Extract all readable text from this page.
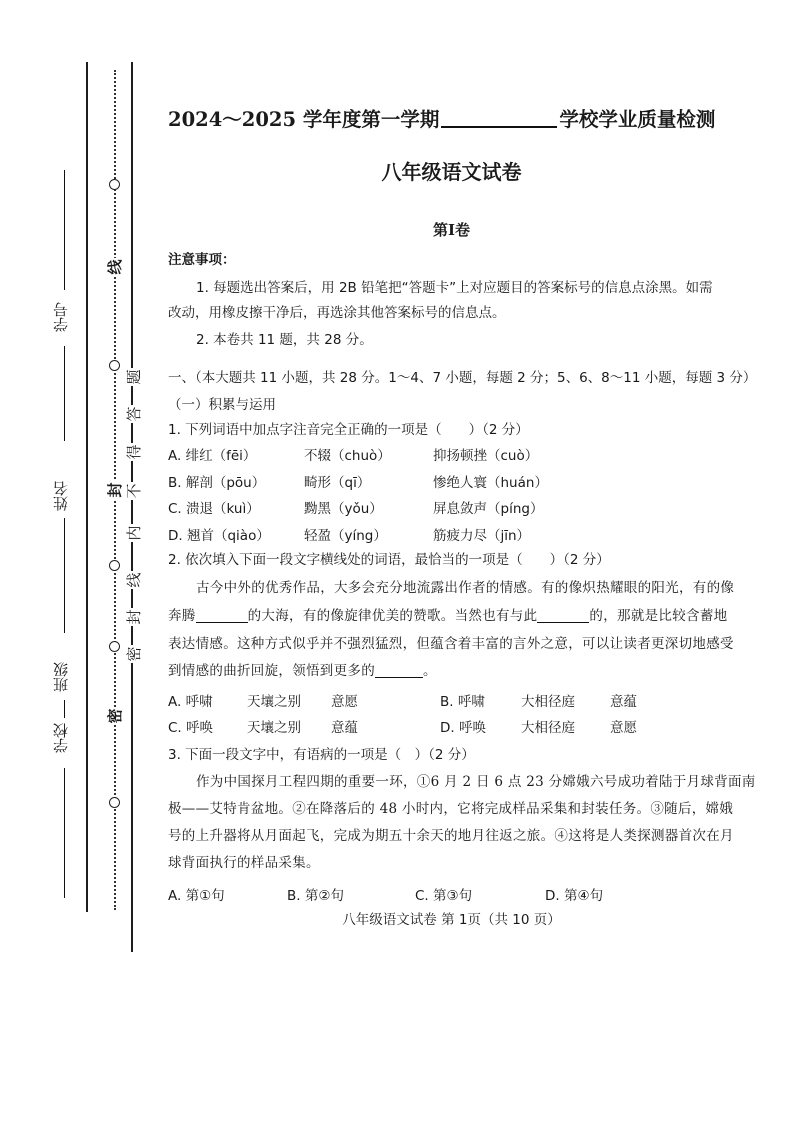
线
封
密
题
答
得
不
内
线
封
密
学号
姓名
班级
学校
2024～2025 学年度第一学期	学校学业质量检测
八年级语文试卷
第Ⅰ卷
注意事项：
1. 每题选出答案后，用 2B 铅笔把“答题卡”上对应题目的答案标号的信息点涂黑。如需
改动，用橡皮擦干净后，再选涂其他答案标号的信息点。
2. 本卷共 11 题，共 28 分。
一、（本大题共 11 小题，共 28 分。1～4、7 小题，每题 2 分；5、6、8～11 小题，每题 3 分）
（一）积累与运用
1. 下列词语中加点字注音完全正确的一项是（　　）（2 分）
A. 绯红（fēi）	不辍（chuò）	抑扬顿挫（cuò）
B. 解剖（pōu）	畸形（qī）	惨绝人寰（huán）
C. 溃退（kuì）	黝黑（yǒu）	屏息敛声（píng）
D. 翘首（qiào）	轻盈（yíng）	筋疲力尽（jīn）
2. 依次填入下面一段文字横线处的词语，最恰当的一项是（　　）（2 分）
古今中外的优秀作品，大多会充分地流露出作者的情感。有的像炽热耀眼的阳光，有的像
奔腾	的大海，有的像旋律优美的赞歌。当然也有与此	的，那就是比较含蓄地
表达情感。这种方式似乎并不强烈猛烈，但蕴含着丰富的言外之意，可以让读者更深切地感受
到情感的曲折回旋，领悟到更多的	。
A. 呼啸	天壤之别 意愿	B. 呼啸	大相径庭	意蕴
C. 呼唤	天壤之别 意蕴	D. 呼唤	大相径庭	意愿
3. 下面一段文字中，有语病的一项是（　）（2 分）
作为中国探月工程四期的重要一环，①6 月 2 日 6 点 23 分嫦娥六号成功着陆于月球背面南
极——艾特肯盆地。②在降落后的 48 小时内，它将完成样品采集和封装任务。③随后，嫦娥
号的上升器将从月面起飞，完成为期五十余天的地月往返之旅。④这将是人类探测器首次在月
球背面执行的样品采集。
A. 第①句	B. 第②句	C. 第③句	D. 第④句
八年级语文试卷 第 1页（共 10 页）
